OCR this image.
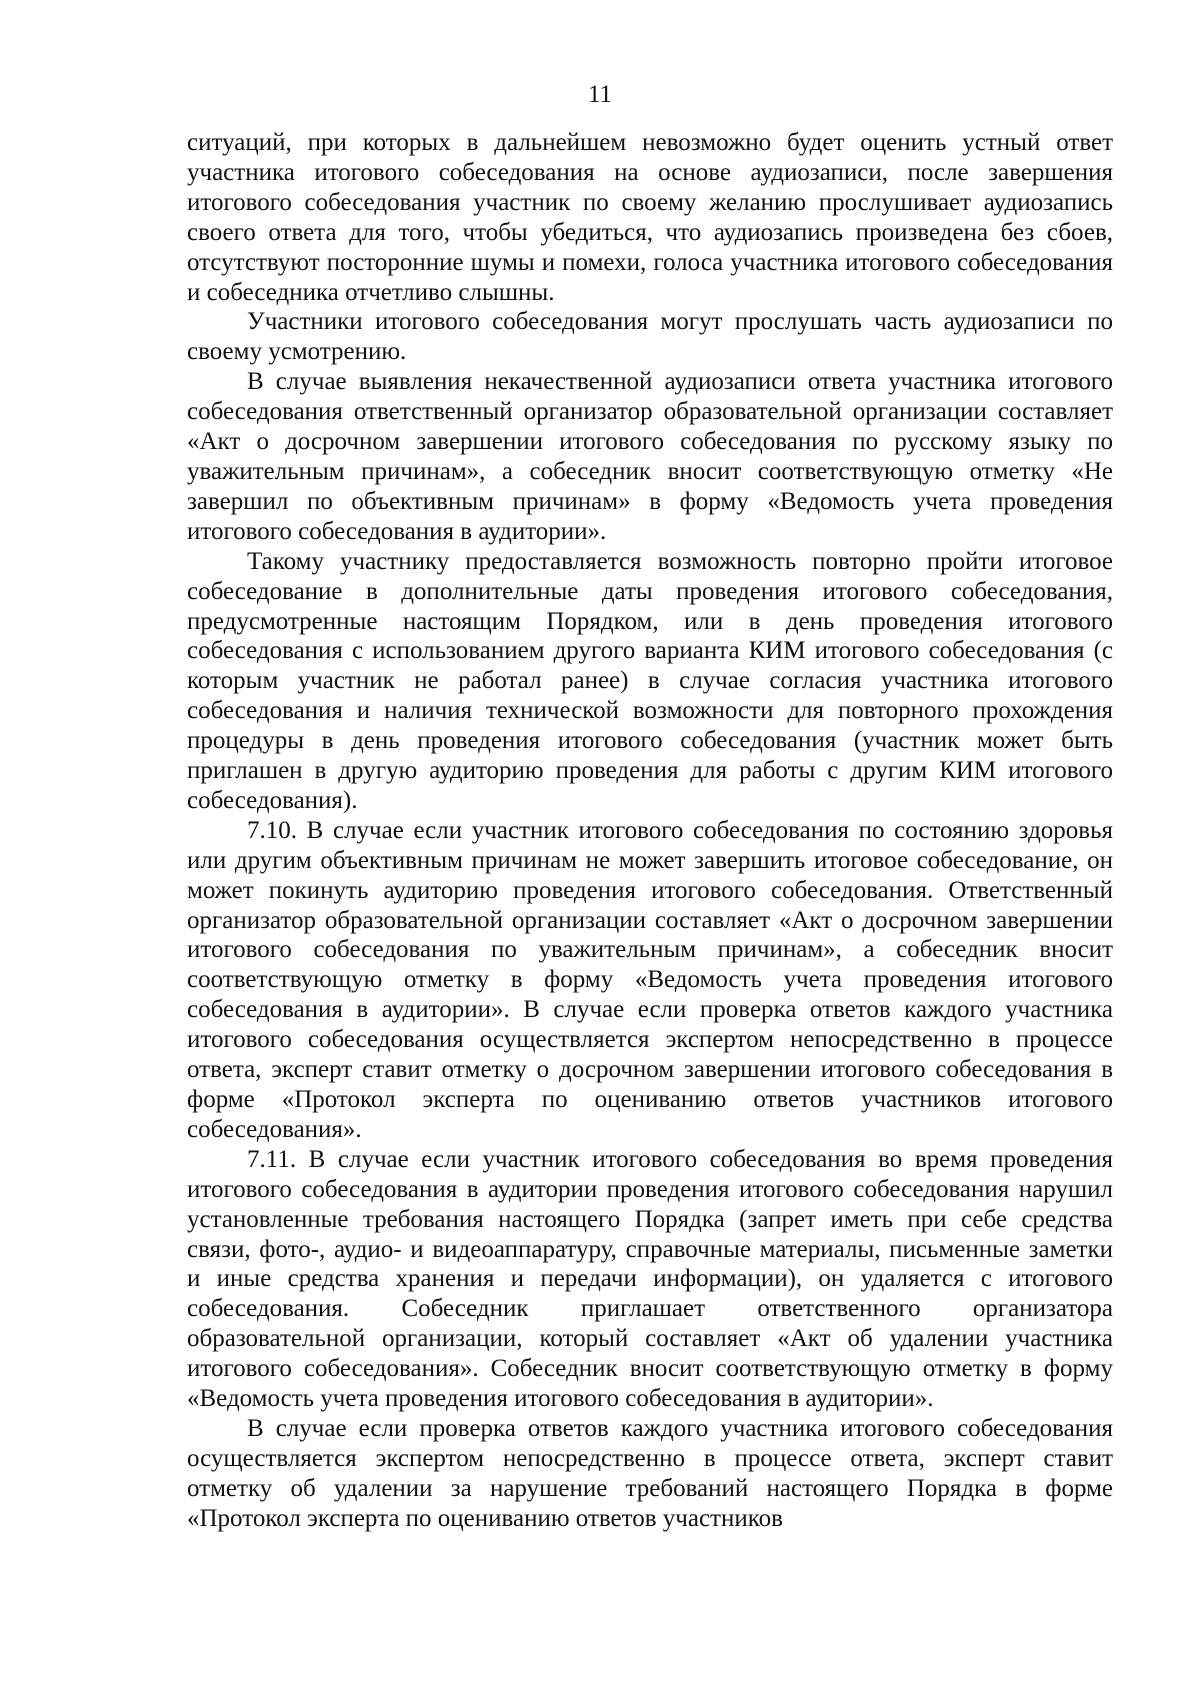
11

ситуаций, при которых в дальнейшем невозможно будет оценить устный ответ участника итогового собеседования на основе аудиозаписи, после завершения итогового собеседования участник по своему желанию прослушивает аудиозапись своего ответа для того, чтобы убедиться, что аудиозапись произведена без сбоев, отсутствуют посторонние шумы и помехи, голоса участника итогового собеседования и собеседника отчетливо слышны.

Участники итогового собеседования могут прослушать часть аудиозаписи по своему усмотрению.

В случае выявления некачественной аудиозаписи ответа участника итогового собеседования ответственный организатор образовательной организации составляет «Акт о досрочном завершении итогового собеседования по русскому языку по уважительным причинам», а собеседник вносит соответствующую отметку «Не завершил по объективным причинам» в форму «Ведомость учета проведения итогового собеседования в аудитории».

Такому участнику предоставляется возможность повторно пройти итоговое собеседование в дополнительные даты проведения итогового собеседования, предусмотренные настоящим Порядком, или в день проведения итогового собеседования с использованием другого варианта КИМ итогового собеседования (с которым участник не работал ранее) в случае согласия участника итогового собеседования и наличия технической возможности для повторного прохождения процедуры в день проведения итогового собеседования (участник может быть приглашен в другую аудиторию проведения для работы с другим КИМ итогового собеседования).

7.10. В случае если участник итогового собеседования по состоянию здоровья или другим объективным причинам не может завершить итоговое собеседование, он может покинуть аудиторию проведения итогового собеседования. Ответственный организатор образовательной организации составляет «Акт о досрочном завершении итогового собеседования по уважительным причинам», а собеседник вносит соответствующую отметку в форму «Ведомость учета проведения итогового собеседования в аудитории». В случае если проверка ответов каждого участника итогового собеседования осуществляется экспертом непосредственно в процессе ответа, эксперт ставит отметку о досрочном завершении итогового собеседования в форме «Протокол эксперта по оцениванию ответов участников итогового собеседования».

7.11. В случае если участник итогового собеседования во время проведения итогового собеседования в аудитории проведения итогового собеседования нарушил установленные требования настоящего Порядка (запрет иметь при себе средства связи, фото-, аудио- и видеоаппаратуру, справочные материалы, письменные заметки и иные средства хранения и передачи информации), он удаляется с итогового собеседования. Собеседник приглашает ответственного организатора образовательной организации, который составляет «Акт об удалении участника итогового собеседования». Собеседник вносит соответствующую отметку в форму «Ведомость учета проведения итогового собеседования в аудитории».

В случае если проверка ответов каждого участника итогового собеседования осуществляется экспертом непосредственно в процессе ответа, эксперт ставит отметку об удалении за нарушение требований настоящего Порядка в форме «Протокол эксперта по оцениванию ответов участников
